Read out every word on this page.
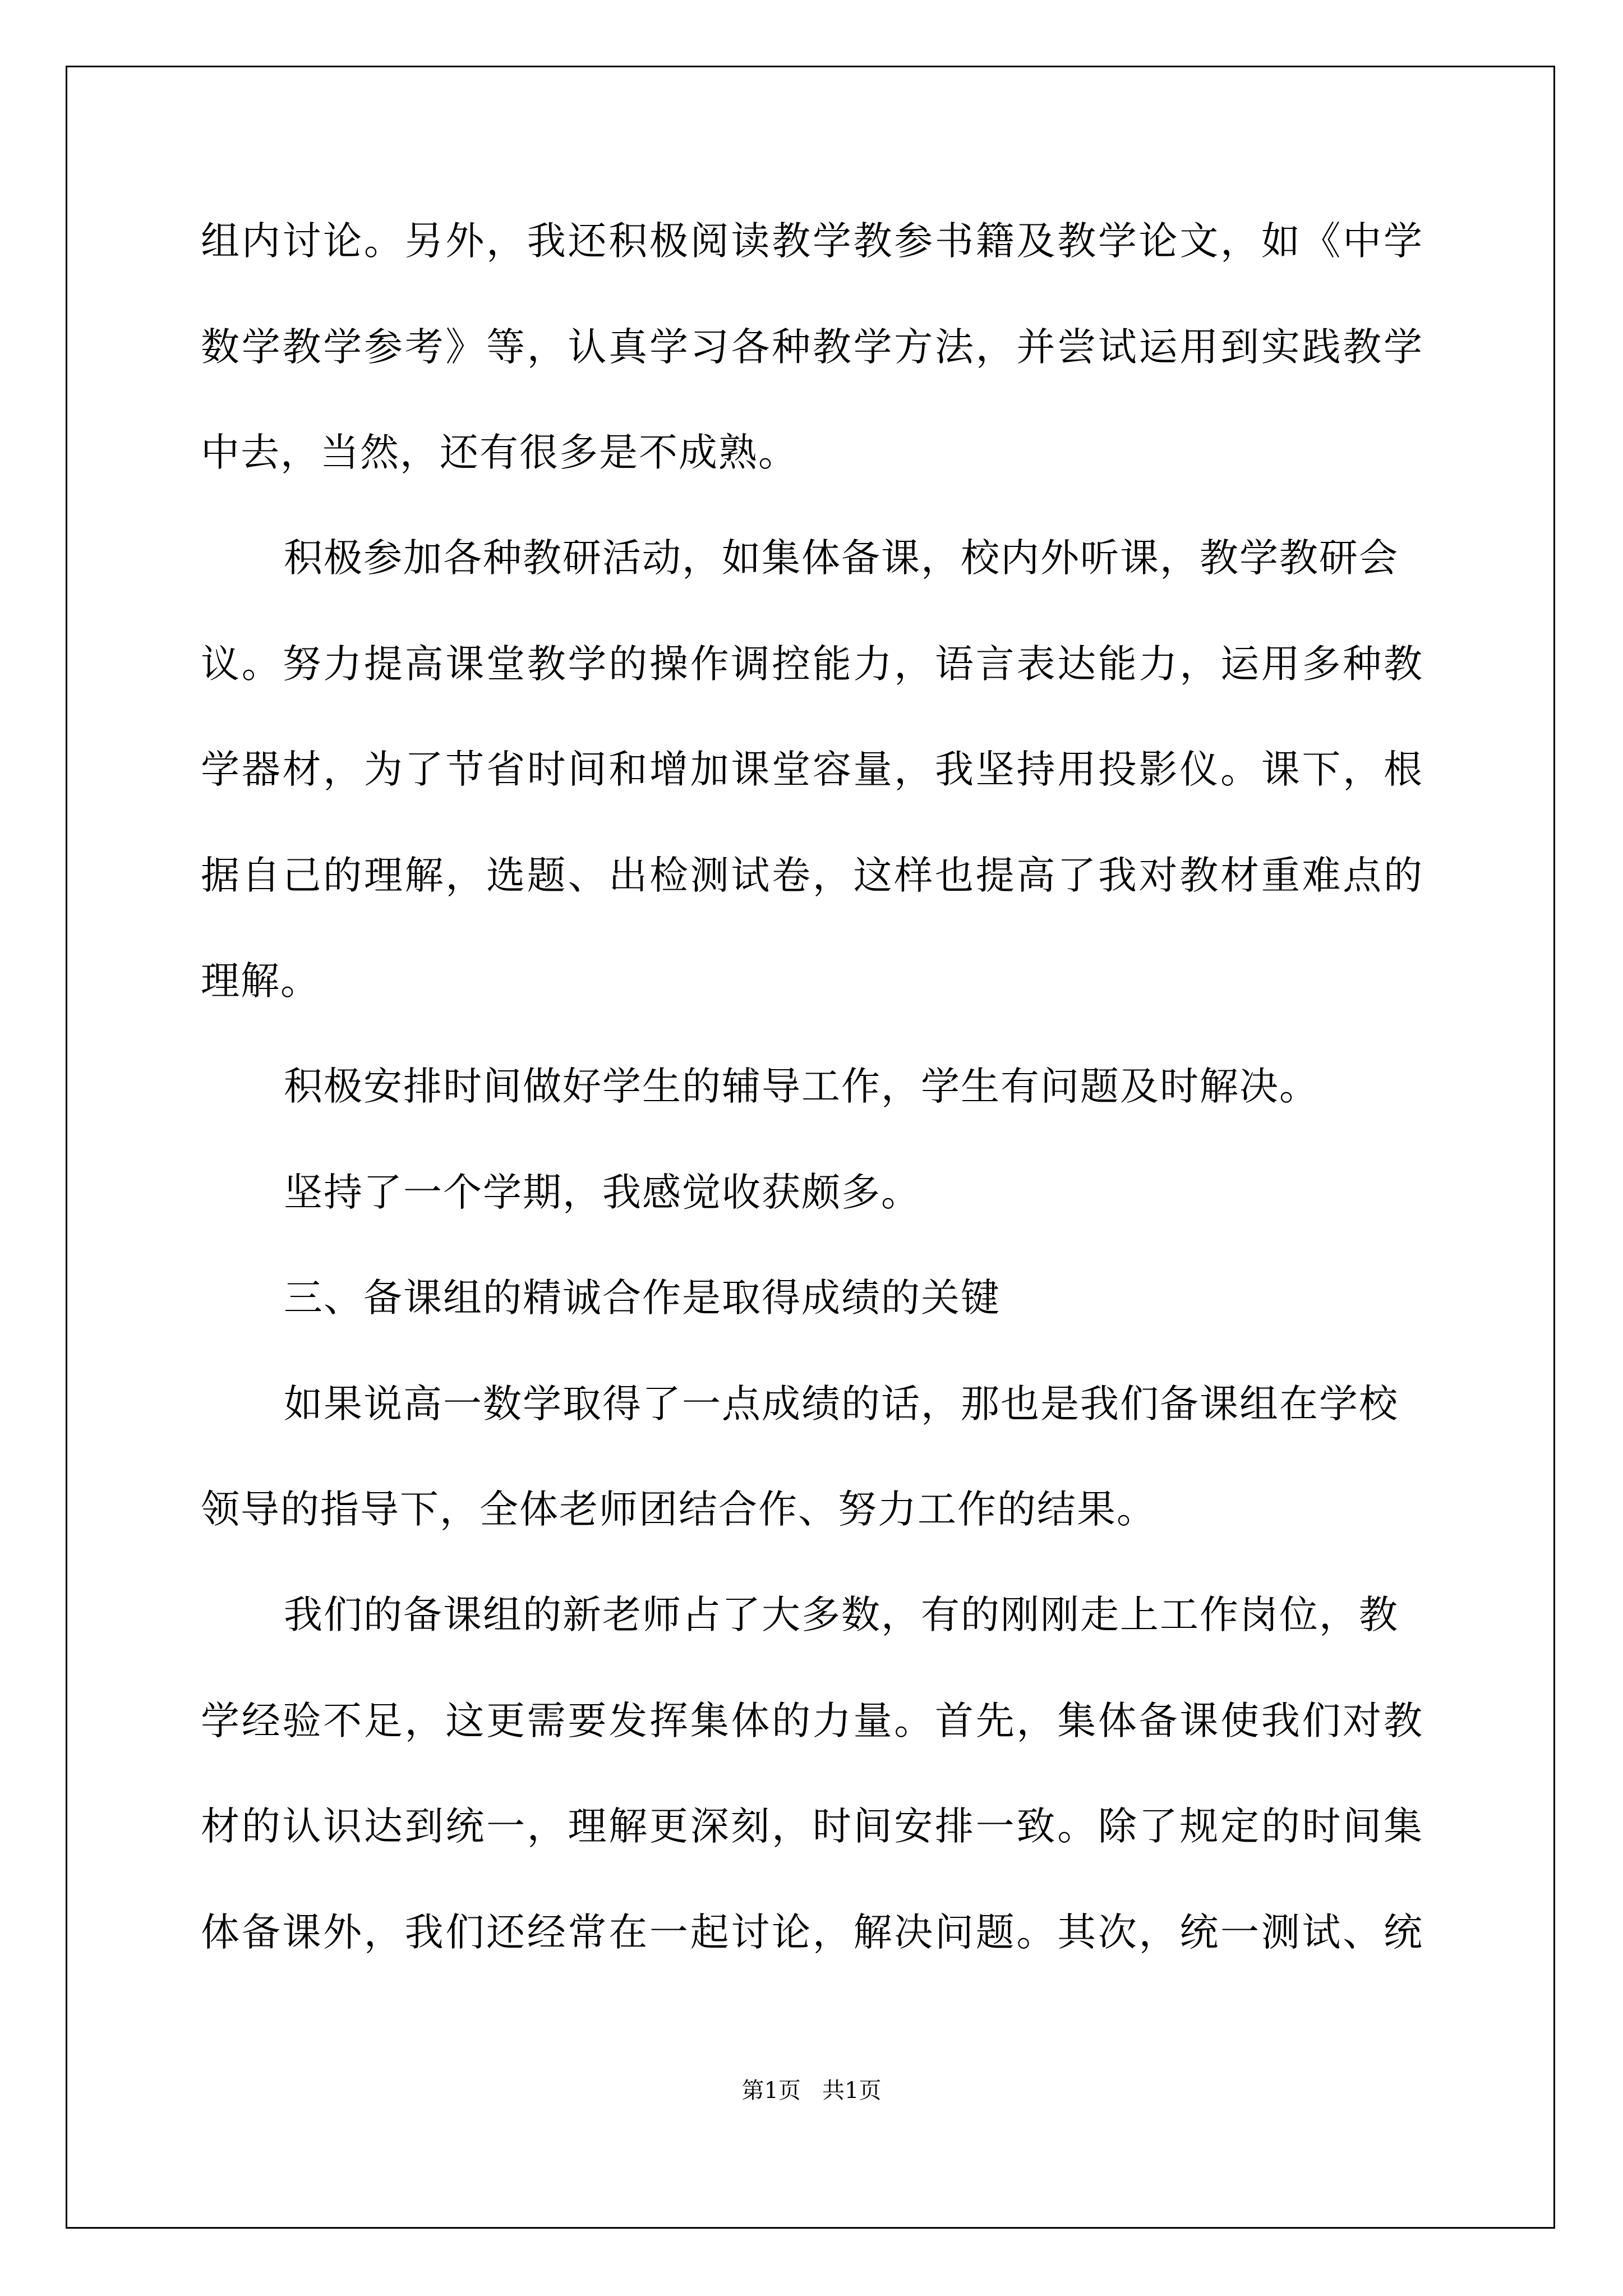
组内讨论。另外，我还积极阅读教学教参书籍及教学论文，如《中学
数学教学参考》等，认真学习各种教学方法，并尝试运用到实践教学
中去，当然，还有很多是不成熟。
积极参加各种教研活动，如集体备课，校内外听课，教学教研会
议。努力提高课堂教学的操作调控能力，语言表达能力，运用多种教
学器材，为了节省时间和增加课堂容量，我坚持用投影仪。课下，根
据自己的理解，选题、出检测试卷，这样也提高了我对教材重难点的
理解。
积极安排时间做好学生的辅导工作，学生有问题及时解决。
坚持了一个学期，我感觉收获颇多。
三、备课组的精诚合作是取得成绩的关键
如果说高一数学取得了一点成绩的话，那也是我们备课组在学校
领导的指导下，全体老师团结合作、努力工作的结果。
我们的备课组的新老师占了大多数，有的刚刚走上工作岗位，教
学经验不足，这更需要发挥集体的力量。首先，集体备课使我们对教
材的认识达到统一，理解更深刻，时间安排一致。除了规定的时间集
体备课外，我们还经常在一起讨论，解决问题。其次，统一测试、统
第1页   共1页
